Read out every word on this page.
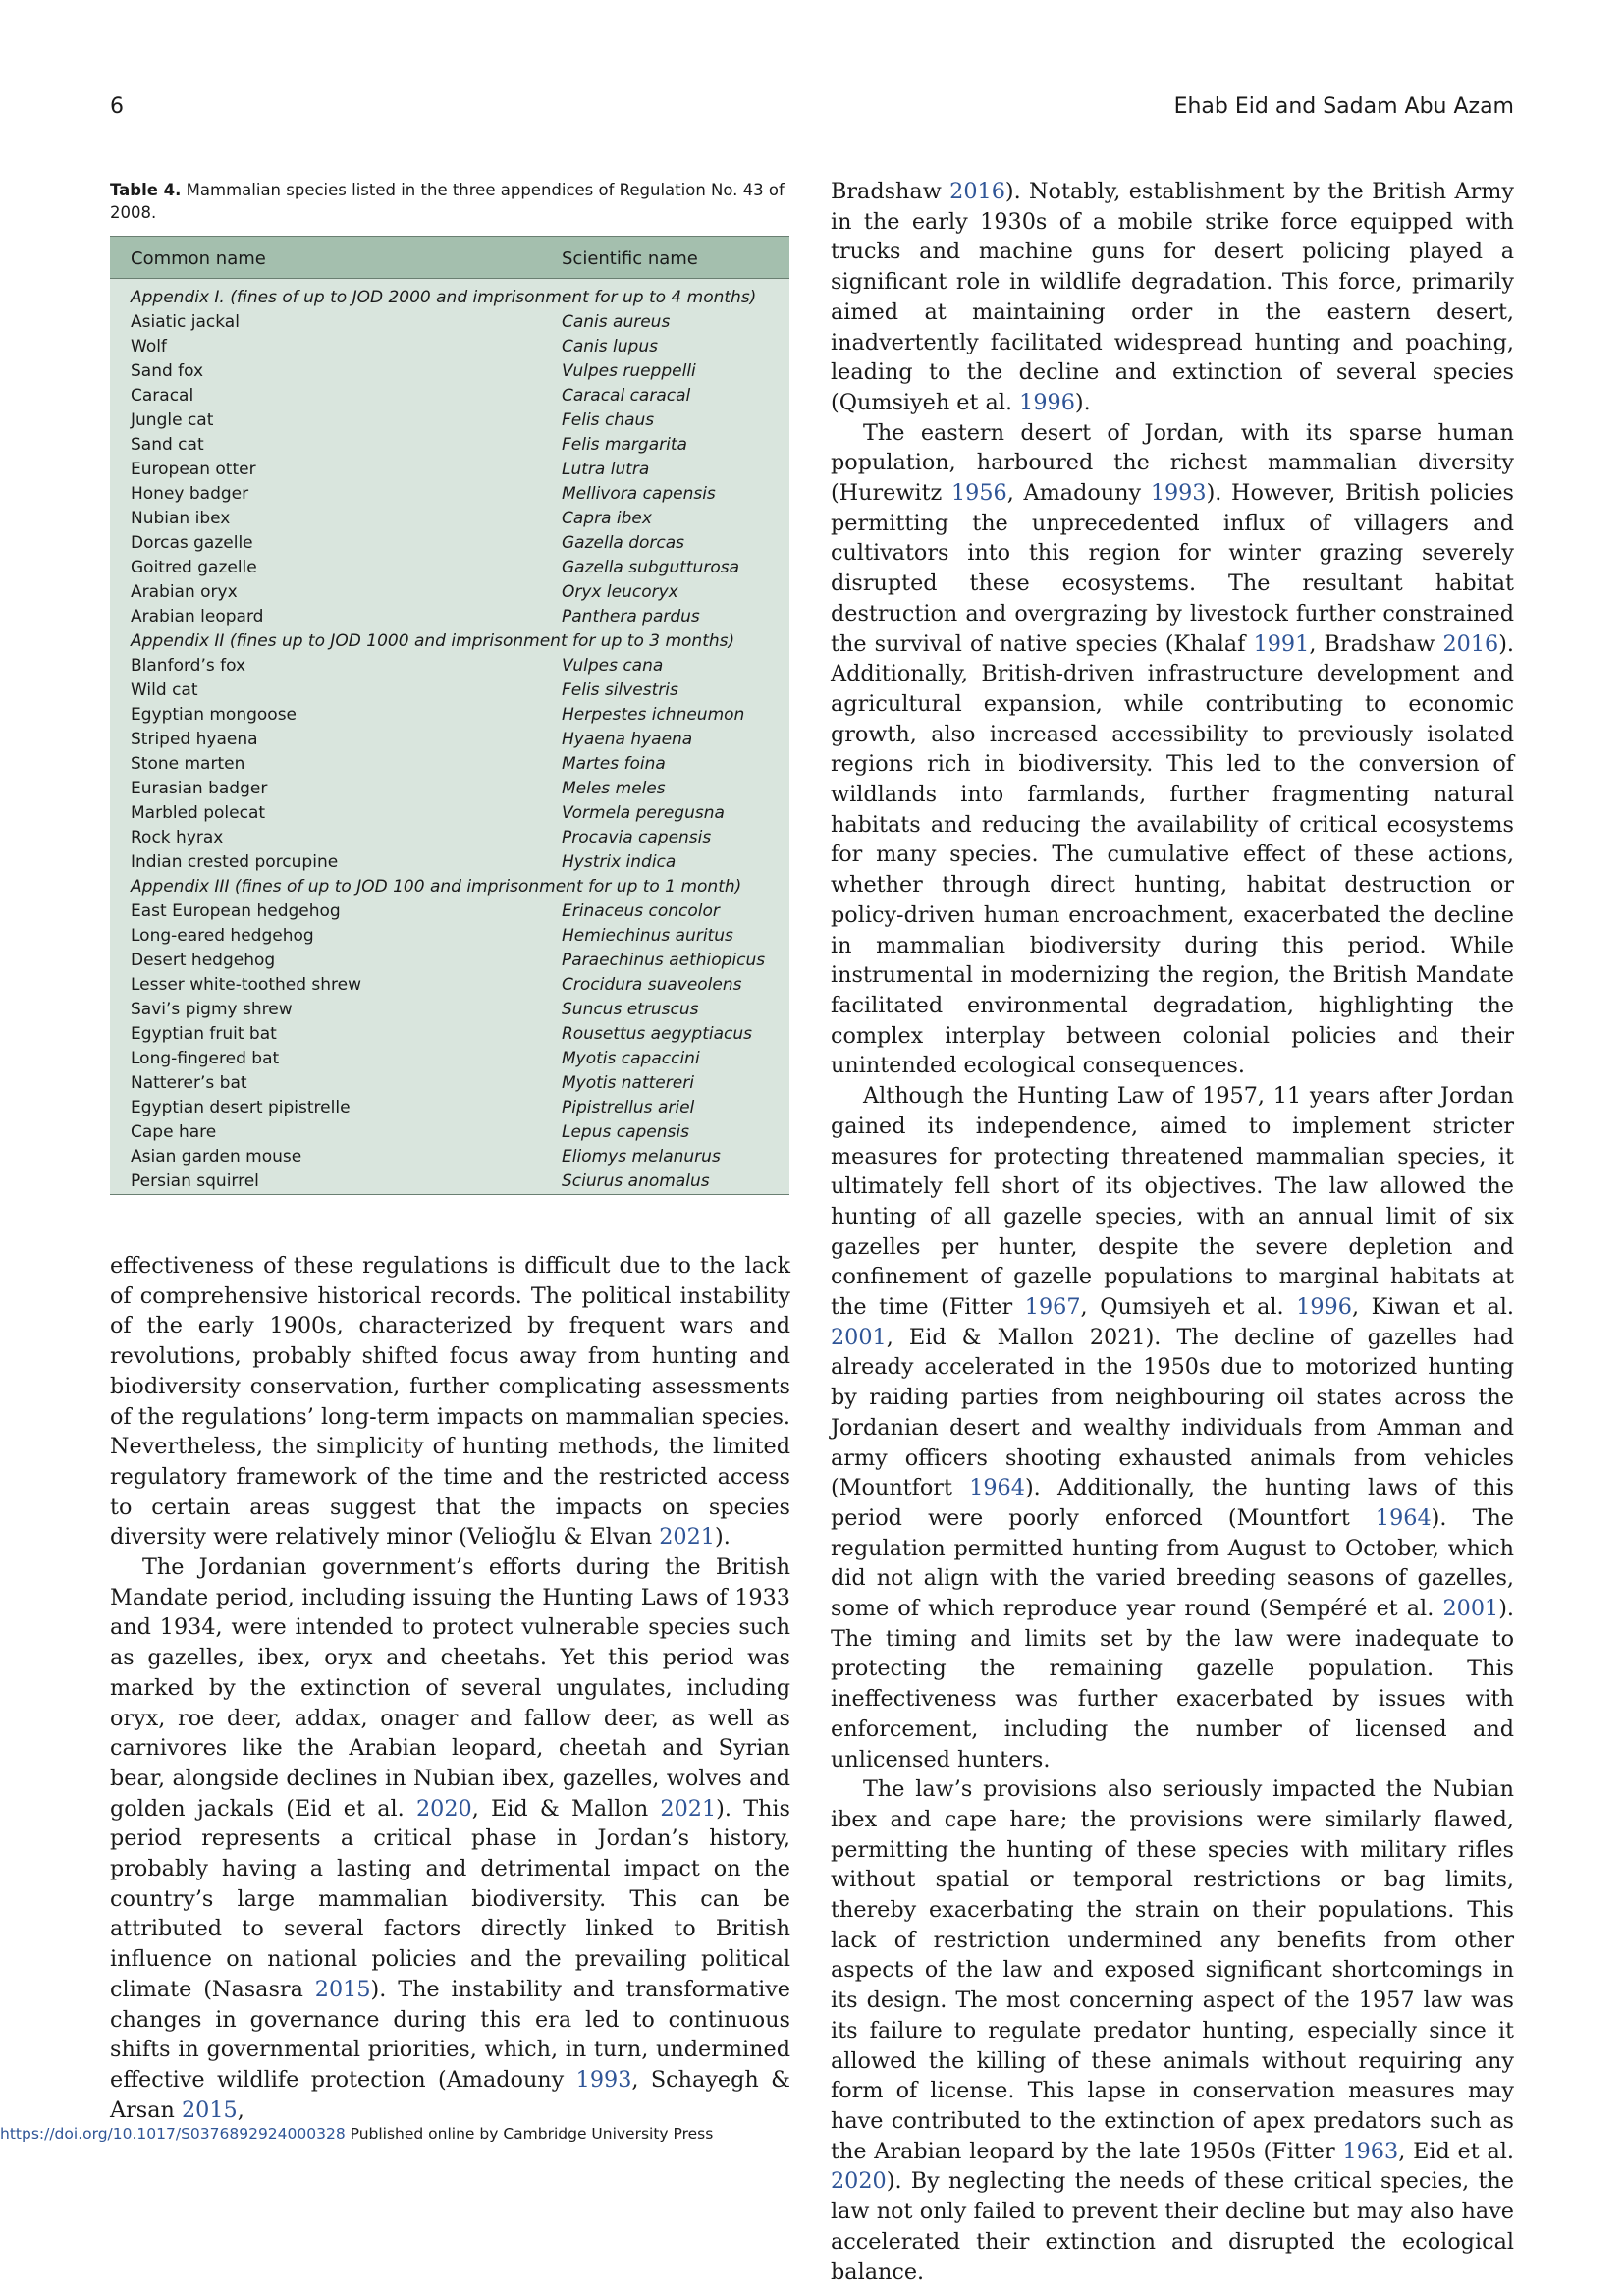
6	Ehab Eid and Sadam Abu Azam
Table 4. Mammalian species listed in the three appendices of Regulation No. 43 of 2008.
Common name	Scientific name

Appendix I. (fines of up to JOD 2000 and imprisonment for up to 4 months)	
Asiatic jackal	Canis aureus
Wolf	Canis lupus
Sand fox	Vulpes rueppelli
Caracal	Caracal caracal
Jungle cat	Felis chaus
Sand cat	Felis margarita
European otter	Lutra lutra
Honey badger	Mellivora capensis
Nubian ibex	Capra ibex
Dorcas gazelle	Gazella dorcas
Goitred gazelle	Gazella subgutturosa
Arabian oryx	Oryx leucoryx
Arabian leopard	Panthera pardus
Appendix II (fines up to JOD 1000 and imprisonment for up to 3 months)	
Blanford’s fox	Vulpes cana
Wild cat	Felis silvestris
Egyptian mongoose	Herpestes ichneumon
Striped hyaena	Hyaena hyaena
Stone marten	Martes foina
Eurasian badger	Meles meles
Marbled polecat	Vormela peregusna
Rock hyrax	Procavia capensis
Indian crested porcupine	Hystrix indica
Appendix III (fines of up to JOD 100 and imprisonment for up to 1 month)	
East European hedgehog	Erinaceus concolor
Long-eared hedgehog	Hemiechinus auritus
Desert hedgehog	Paraechinus aethiopicus
Lesser white-toothed shrew	Crocidura suaveolens
Savi’s pigmy shrew	Suncus etruscus
Egyptian fruit bat	Rousettus aegyptiacus
Long-fingered bat	Myotis capaccini
Natterer’s bat	Myotis nattereri
Egyptian desert pipistrelle	Pipistrellus ariel
Cape hare	Lepus capensis
Asian garden mouse	Eliomys melanurus
Persian squirrel	Sciurus anomalus

effectiveness of these regulations is difficult due to the lack of comprehensive historical records. The political instability of the early 1900s, characterized by frequent wars and revolutions, probably shifted focus away from hunting and biodiversity conservation, further complicating assessments of the regulations’ long-term impacts on mammalian species. Nevertheless, the simplicity of hunting methods, the limited regulatory framework of the time and the restricted access to certain areas suggest that the impacts on species diversity were relatively minor (Velioğlu & Elvan 2021).

The Jordanian government’s efforts during the British Mandate period, including issuing the Hunting Laws of 1933 and 1934, were intended to protect vulnerable species such as gazelles, ibex, oryx and cheetahs. Yet this period was marked by the extinction of several ungulates, including oryx, roe deer, addax, onager and fallow deer, as well as carnivores like the Arabian leopard, cheetah and Syrian bear, alongside declines in Nubian ibex, gazelles, wolves and golden jackals (Eid et al. 2020, Eid & Mallon 2021). This period represents a critical phase in Jordan’s history, probably having a lasting and detrimental impact on the country’s large mammalian biodiversity. This can be attributed to several factors directly linked to British influence on national policies and the prevailing political climate (Nasasra 2015). The instability and transformative changes in governance during this era led to continuous shifts in governmental priorities, which, in turn, undermined effective wildlife protection (Amadouny 1993, Schayegh & Arsan 2015,

Bradshaw 2016). Notably, establishment by the British Army in the early 1930s of a mobile strike force equipped with trucks and machine guns for desert policing played a significant role in wildlife degradation. This force, primarily aimed at maintaining order in the eastern desert, inadvertently facilitated widespread hunting and poaching, leading to the decline and extinction of several species (Qumsiyeh et al. 1996).

The eastern desert of Jordan, with its sparse human population, harboured the richest mammalian diversity (Hurewitz 1956, Amadouny 1993). However, British policies permitting the unprecedented influx of villagers and cultivators into this region for winter grazing severely disrupted these ecosystems. The resultant habitat destruction and overgrazing by livestock further constrained the survival of native species (Khalaf 1991, Bradshaw 2016). Additionally, British-driven infrastructure development and agricultural expansion, while contributing to economic growth, also increased accessibility to previously isolated regions rich in biodiversity. This led to the conversion of wildlands into farmlands, further fragmenting natural habitats and reducing the availability of critical ecosystems for many species. The cumulative effect of these actions, whether through direct hunting, habitat destruction or policy-driven human encroachment, exacerbated the decline in mammalian biodiversity during this period. While instrumental in modernizing the region, the British Mandate facilitated environmental degradation, highlighting the complex interplay between colonial policies and their unintended ecological consequences.

Although the Hunting Law of 1957, 11 years after Jordan gained its independence, aimed to implement stricter measures for protecting threatened mammalian species, it ultimately fell short of its objectives. The law allowed the hunting of all gazelle species, with an annual limit of six gazelles per hunter, despite the severe depletion and confinement of gazelle populations to marginal habitats at the time (Fitter 1967, Qumsiyeh et al. 1996, Kiwan et al. 2001, Eid & Mallon 2021). The decline of gazelles had already accelerated in the 1950s due to motorized hunting by raiding parties from neighbouring oil states across the Jordanian desert and wealthy individuals from Amman and army officers shooting exhausted animals from vehicles (Mountfort 1964). Additionally, the hunting laws of this period were poorly enforced (Mountfort 1964). The regulation permitted hunting from August to October, which did not align with the varied breeding seasons of gazelles, some of which reproduce year round (Sempéré et al. 2001). The timing and limits set by the law were inadequate to protecting the remaining gazelle population. This ineffectiveness was further exacerbated by issues with enforcement, including the number of licensed and unlicensed hunters.

The law’s provisions also seriously impacted the Nubian ibex and cape hare; the provisions were similarly flawed, permitting the hunting of these species with military rifles without spatial or temporal restrictions or bag limits, thereby exacerbating the strain on their populations. This lack of restriction undermined any benefits from other aspects of the law and exposed significant shortcomings in its design. The most concerning aspect of the 1957 law was its failure to regulate predator hunting, especially since it allowed the killing of these animals without requiring any form of license. This lapse in conservation measures may have contributed to the extinction of apex predators such as the Arabian leopard by the late 1950s (Fitter 1963, Eid et al. 2020). By neglecting the needs of these critical species, the law not only failed to prevent their decline but may also have accelerated their extinction and disrupted the ecological balance.

https://doi.org/10.1017/S0376892924000328 Published online by Cambridge University Press
